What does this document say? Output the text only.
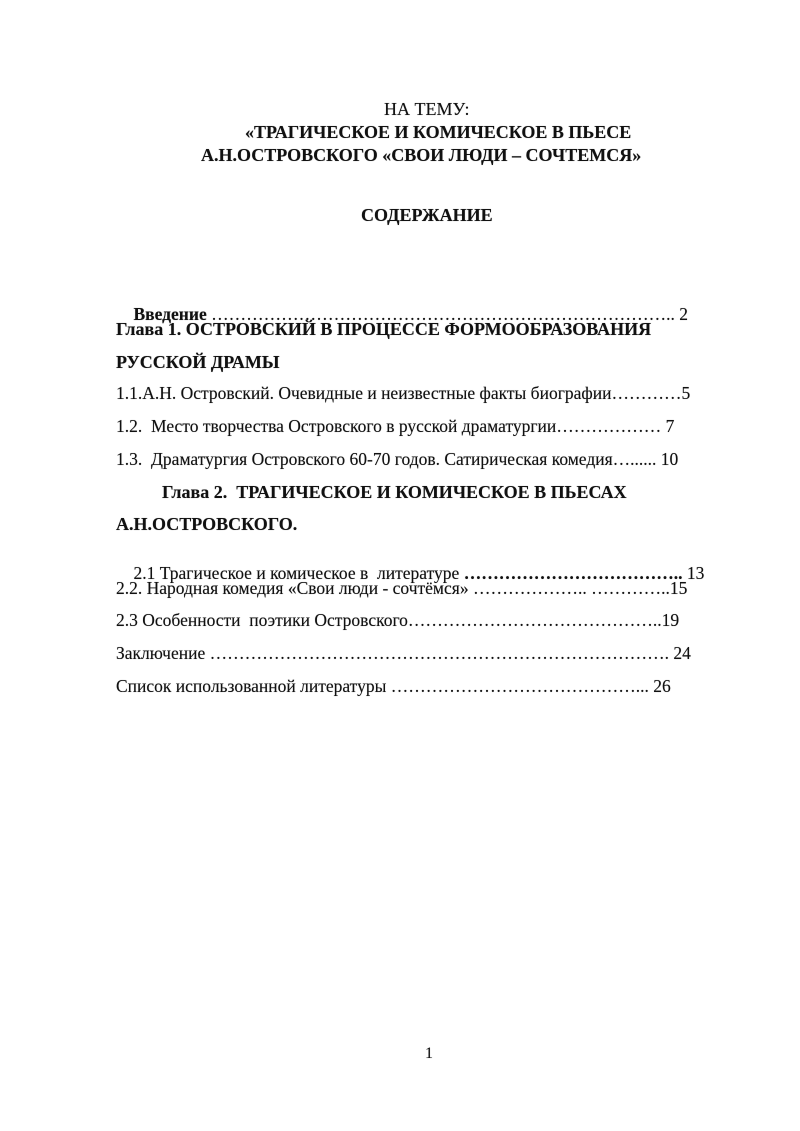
НА ТЕМУ:
«ТРАГИЧЕСКОЕ И КОМИЧЕСКОЕ В ПЬЕСЕ
А.Н.ОСТРОВСКОГО «СВОИ ЛЮДИ – СОЧТЕМСЯ»
СОДЕРЖАНИЕ

Введение …………………………………………………………………….. 2

Глава 1. ОСТРОВСКИЙ В ПРОЦЕССЕ ФОРМООБРАЗОВАНИЯ
РУССКОЙ ДРАМЫ
1.1.А.Н. Островский. Очевидные и неизвестные факты биографии…………5
1.2.  Место творчества Островского в русской драматургии……………… 7
1.3.  Драматургия Островского 60-70 годов. Сатирическая комедия…...... 10
Глава 2.  ТРАГИЧЕСКОЕ И КОМИЧЕСКОЕ В ПЬЕСАХ
А.Н.ОСТРОВСКОГО.

2.1 Трагическое и комическое в  литературе ……………………………….. 13

2.2. Народная комедия «Свои люди - сочтёмся» ……………….. …………..15
2.3 Особенности  поэтики Островского……………………………………..19
Заключение ……………………………………………………………………. 24
Список использованной литературы ……………………………………... 26
1
